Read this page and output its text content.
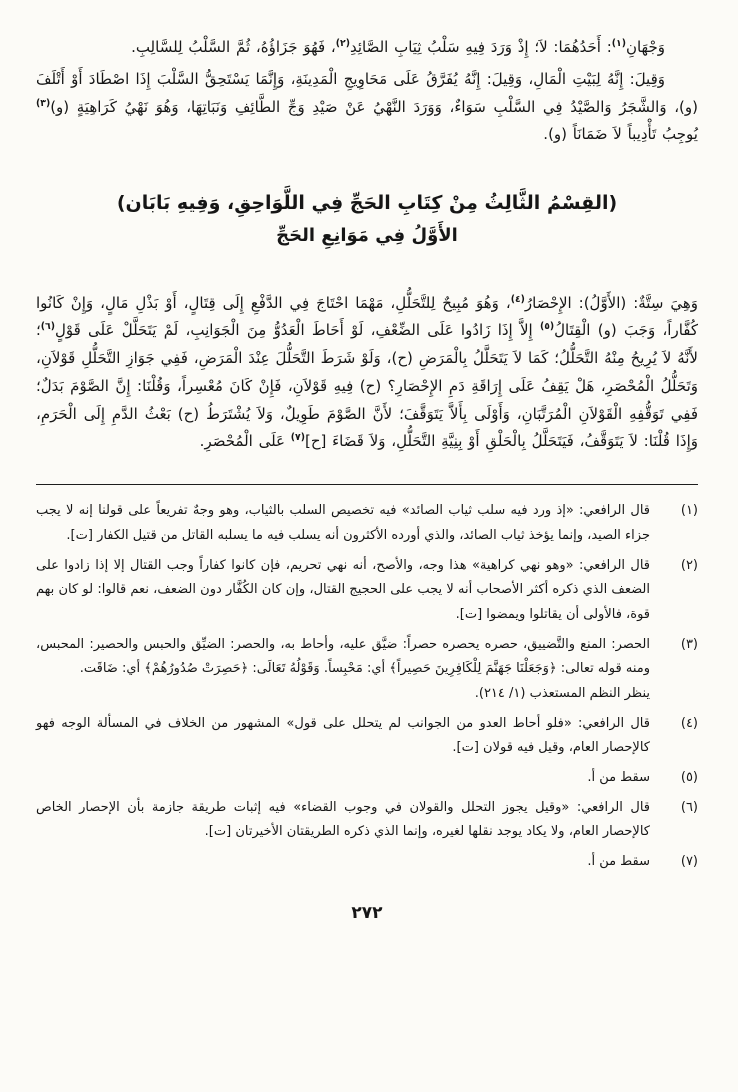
وَجْهَانِ$^{(١)}$: أَحَدُهُمَا: لاَ؛ إِذْ وَرَدَ فِيهِ سَلْبُ ثِيَابِ الصَّائِدِ$^{(٢)}$، فَهُوَ جَزَاؤُهُ، ثُمَّ السَّلْبُ لِلسَّالِبِ.

وَقِيلَ: إِنَّهُ لِبَيْتِ الْمَالِ، وَقِيلَ: إِنَّهُ يُفَرَّقُ عَلَى مَحَاوِيجِ الْمَدِينَةِ، وَإِنَّمَا يَسْتَحِقُّ السَّلْبَ إِذَا اصْطَادَ أَوْ أَتْلَفَ (و)، وَالشَّجَرُ وَالصَّيْدُ فِي السَّلْبِ سَوَاءٌ، وَوَرَدَ النَّهْيُ عَنْ صَيْدِ وَجِّ الطَّائِفِ وَنَبَاتِهَا، وَهُوَ نَهْيُ كَرَاهِيَةٍ (و)$^{(٣)}$ يُوجِبُ تَأْدِيباً لاَ ضَمَانَاً (و).

(القِسْمُ الثَّالِثُ مِنْ كِتَابِ الحَجِّ فِي اللَّوَاحِقِ، وَفِيهِ بَابَان)
الأَوَّلُ فِي مَوَانِعِ الحَجِّ

وَهِيَ سِتَّةٌ: (الأَوَّلُ): الإِحْصَارُ$^{(٤)}$، وَهُوَ مُبِيحٌ لِلتَّحَلُّلِ، مَهْمَا احْتَاجَ فِي الدَّفْعِ إِلَى قِتَالٍ، أَوْ بَذْلِ مَالٍ، وَإِنْ كَانُوا كُفَّاراً، وَجَبَ (و) الْقِتَالُ$^{(٥)}$ إِلاَّ إِذَا زَادُوا عَلَى الضِّعْفِ، لَوْ أَحَاطَ الْعَدُوُّ مِنَ الْجَوَانِبِ، لَمْ يَتَحَلَّلْ عَلَى قَوْلٍ$^{(٦)}$؛ لأَنَّهُ لاَ يُرِيحُ مِنْهُ التَّحَلُّلُ؛ كَمَا لاَ يَتَحَلَّلُ بِالْمَرَضِ (ح)، وَلَوْ شَرَطَ التَّحَلُّلَ عِنْدَ الْمَرَضِ، فَفِي جَوَازِ التَّحَلُّلِ قَوْلاَنِ، وَتَحَلُّلُ الْمُحْصَرِ، هَلْ يَقِفُ عَلَى إِرَاقَةِ دَمِ الإِحْصَارِ؟ (ح) فِيهِ قَوْلاَنِ، فَإِنْ كَانَ مُعْسِراً، وَقُلْنَا: إِنَّ الصَّوْمَ بَدَلٌ؛ فَفِي تَوَقُّفِهِ الْقَوْلاَنِ الْمُرَتَّبَانِ، وَأَوْلَى بِأَلاَّ يَتَوَقَّفَ؛ لأَنَّ الصَّوْمَ طَوِيلٌ، وَلاَ يُشْتَرَطُ (ح) بَعْثُ الدَّمِ إِلَى الْحَرَمِ، وَإِذَا قُلْنَا: لاَ يَتَوَقَّفُ، فَيَتَحَلَّلُ بِالْحَلْقِ أَوْ بِنِيَّةِ التَّحَلُّلِ، وَلاَ قَضَاءَ [ح]$^{(٧)}$ عَلَى الْمُحْصَرِ.

(١)
قال الرافعي: «إذ ورد فيه سلب ثياب الصائد» فيه تخصيص السلب بالثياب، وهو وجهٌ تفريعاً على قولنا إنه لا يجب جزاء الصيد، وإنما يؤخذ ثياب الصائد، والذي أورده الأكثرون أنه يسلب فيه ما يسلبه القاتل من قتيل الكفار [ت].
(٢)
قال الرافعي: «وهو نهي كراهية» هذا وجه، والأصح، أنه نهي تحريم، فإن كانوا كفاراً وجب القتال إلا إذا زادوا على الضعف الذي ذكره أكثر الأصحاب أنه لا يجب على الحجيج القتال، وإن كان الكُفَّار دون الضعف، نعم قالوا: لو كان بهم قوة، فالأولى أن يقاتلوا ويمضوا [ت].
(٣)
الحصر: المنع والتَّضييق، حصره يحصره حصراً: ضيَّق عليه، وأحاط به، والحصر: الضيِّق والحبس والحصير: المحبس، ومنه قوله تعالى: ﴿وَجَعَلْنَا جَهَنَّمَ لِلْكَافِرِينَ حَصِيراً﴾ أي: مَحْبِساً. وَقَوْلُهُ تَعَالَى: ﴿حَصِرَتْ صُدُورُهُمْ﴾ أي: ضَاقَت.
ينظر النظم المستعذب (١/ ٢١٤).
(٤)
قال الرافعي: «فلو أحاط العدو من الجوانب لم يتحلل على قول» المشهور من الخلاف في المسألة الوجه فهو كالإحصار العام، وقيل فيه قولان [ت].
(٥)
سقط من أ.
(٦)
قال الرافعي: «وقيل يجوز التحلل والقولان في وجوب القضاء» فيه إثبات طريقة جازمة بأن الإحصار الخاص كالإحصار العام، ولا يكاد يوجد نقلها لغيره، وإنما الذي ذكره الطريقتان الأخيرتان [ت].
(٧)
سقط من أ.
٢٧٢
